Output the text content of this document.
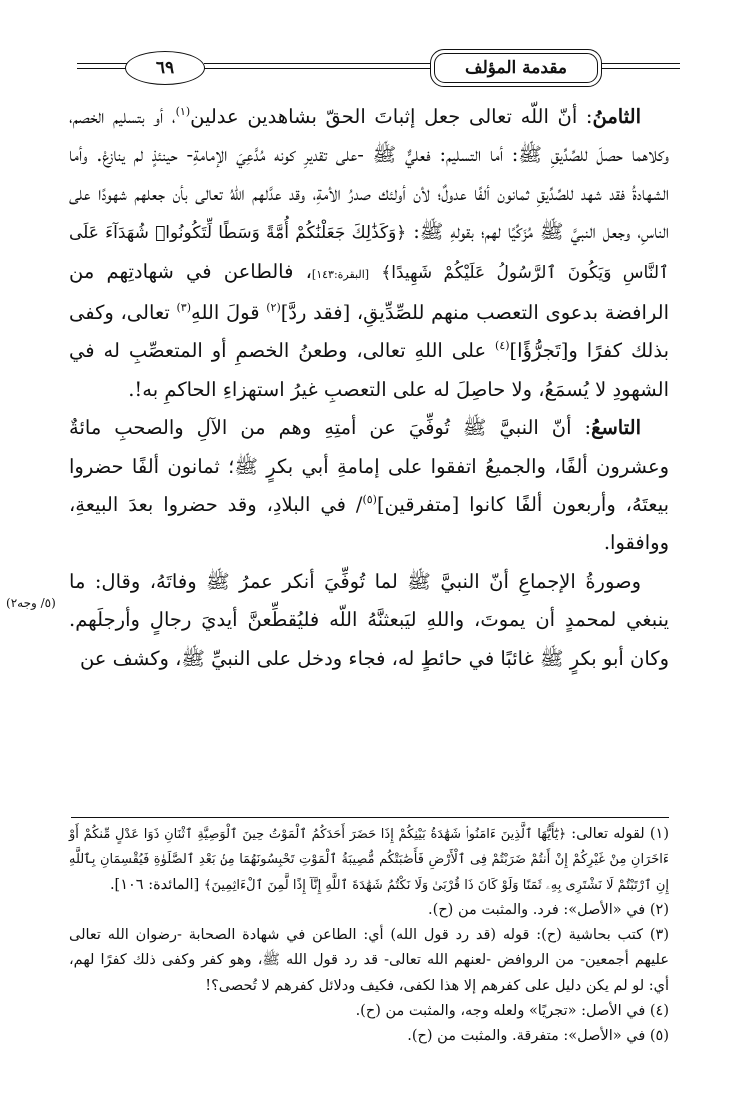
مقدمة المؤلف
٦٩

الثامنُ: أنّ اللّه تعالى جعل إثباتَ الحقّ بشاهدين عدلين$^{(١)}$، أو بتسليم الخصم، وكلاهما حصلَ للصِّدِّيقِ ﷺ: أما التسليم: فعليٌّ ﷺ -على تقديرِ كونه مُدَّعِيَ الإمامةِ- حينئذٍ لم ينازعْ. وأما الشهادةُ فقد شهد للصِّدِّيقِ ثمانون ألفًا عدولٌ؛ لأن أولئك صدرُ الأمةِ، وقد عدَّلهم اللهُ تعالى بأن جعلهم شهودًا على الناسِ، وجعل النبيَّ ﷺ مُزَكِّيًا لهم؛ بقولهِ ﷺ: ﴿وَكَذَٰلِكَ جَعَلْنَٰكُمْ أُمَّةً وَسَطًا لِّتَكُونُوا۟ شُهَدَآءَ عَلَى ٱلنَّاسِ وَيَكُونَ ٱلرَّسُولُ عَلَيْكُمْ شَهِيدًا﴾ [البقرة:١٤٣]، فالطاعن في شهادتِهم من الرافضة بدعوى التعصب منهم للصِّدِّيقِ، [فقد ردَّ]$^{(٢)}$ قولَ اللهِ$^{(٣)}$ تعالى، وكفى بذلك كفرًا و[تَجرُّؤًا]$^{(٤)}$ على اللهِ تعالى، وطعنُ الخصمِ أو المتعصِّبِ له في الشهودِ لا يُسمَعُ، ولا حاصِلَ له على التعصبِ غيرُ استهزاءِ الحاكمِ به!.

التاسعُ: أنّ النبيَّ ﷺ تُوفِّيَ عن أمتِهِ وهم من الآلِ والصحبِ مائةٌ وعشرون ألفًا، والجميعُ اتفقوا على إمامةِ أبي بكرٍ ﷺ؛ ثمانون ألفًا حضروا بيعتَهُ، وأربعون ألفًا كانوا [متفرقين]$^{(٥)}$/ في البلادِ، وقد حضروا بعدَ البيعةِ، ووافقوا.

وصورةُ الإجماعِ أنّ النبيَّ ﷺ لما تُوفِّيَ أنكر عمرُ ﷺ وفاتَهُ، وقال: ما ينبغي لمحمدٍ أن يموتَ، واللهِ ليَبعثنَّهُ اللّه فليُقطِّعنَّ أيديَ رجالٍ وأرجلَهم. وكان أبو بكرٍ ﷺ غائبًا في حائطٍ له، فجاء ودخل على النبيِّ ﷺ، وكشف عن

(٥/ وجه٢)

(١) لقوله تعالى: ﴿يَٰٓأَيُّهَا ٱلَّذِينَ ءَامَنُوا۟ شَهَٰدَةُ بَيْنِكُمْ إِذَا حَضَرَ أَحَدَكُمُ ٱلْمَوْتُ حِينَ ٱلْوَصِيَّةِ ٱثْنَانِ ذَوَا عَدْلٍ مِّنكُمْ أَوْ ءَاخَرَانِ مِنْ غَيْرِكُمْ إِنْ أَنتُمْ ضَرَبْتُمْ فِى ٱلْأَرْضِ فَأَصَٰبَتْكُم مُّصِيبَةُ ٱلْمَوْتِ تَحْبِسُونَهُمَا مِنۢ بَعْدِ ٱلصَّلَوٰةِ فَيُقْسِمَانِ بِٱللَّهِ إِنِ ٱرْتَبْتُمْ لَا نَشْتَرِى بِهِۦ ثَمَنًا وَلَوْ كَانَ ذَا قُرْبَىٰ وَلَا نَكْتُمُ شَهَٰدَةَ ٱللَّهِ إِنَّآ إِذًا لَّمِنَ ٱلْءَاثِمِينَ﴾ [المائدة: ١٠٦].

(٢) في «الأصل»: فرد. والمثبت من (ح).

(٣) كتب بحاشية (ح): قوله (قد رد قول الله) أي: الطاعن في شهادة الصحابة -رضوان الله تعالى عليهم أجمعين- من الروافض -لعنهم الله تعالى- قد رد قول الله ﷺ، وهو كفر وكفى ذلك كفرًا لهم، أي: لو لم يكن دليل على كفرهم إلا هذا لكفى، فكيف ودلائل كفرهم لا تُحصى؟!

(٤) في الأصل: «تجريًا» ولعله وجه، والمثبت من (ح).

(٥) في «الأصل»: متفرقة. والمثبت من (ح).
